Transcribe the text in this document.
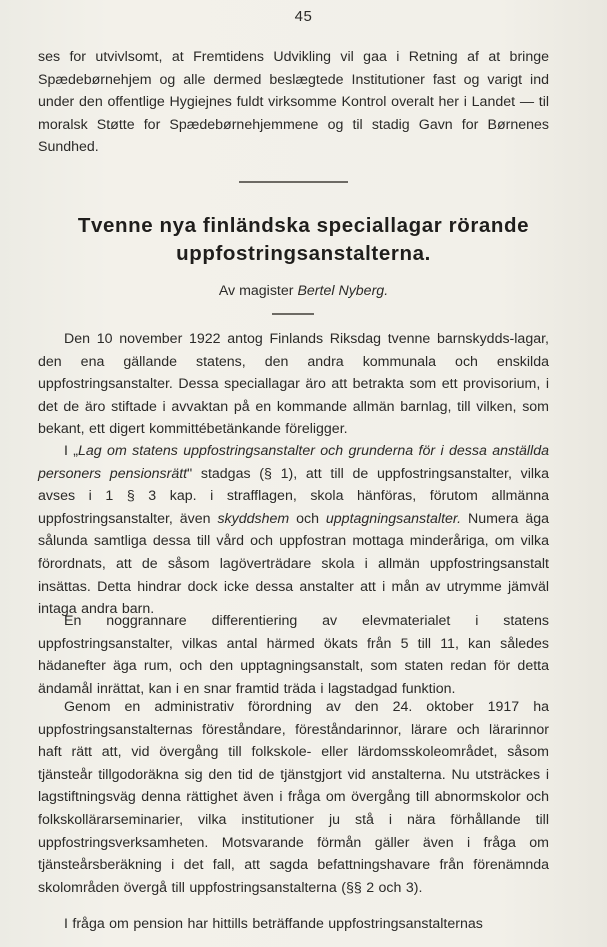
45
ses for utvivlsomt, at Fremtidens Udvikling vil gaa i Retning af at bringe Spædebørnehjem og alle dermed beslægtede Institutioner fast og varigt ind under den offentlige Hygiejnes fuldt virksomme Kontrol overalt her i Landet — til moralsk Støtte for Spædebørnehjemmene og til stadig Gavn for Børnenes Sundhed.
Tvenne nya finländska speciallagar rörande
uppfostringsanstalterna.
Av magister Bertel Nyberg.
Den 10 november 1922 antog Finlands Riksdag tvenne barnskydds-lagar, den ena gällande statens, den andra kommunala och enskilda uppfostringsanstalter. Dessa speciallagar äro att betrakta som ett provisorium, i det de äro stiftade i avvaktan på en kommande allmän barnlag, till vilken, som bekant, ett digert kommittébetänkande föreligger.
I „Lag om statens uppfostringsanstalter och grunderna för i dessa anställda personers pensionsrätt" stadgas (§ 1), att till de uppfostringsanstalter, vilka avses i 1 § 3 kap. i strafflagen, skola hänföras, förutom allmänna uppfostringsanstalter, även skyddshem och upptagningsanstalter. Numera äga sålunda samtliga dessa till vård och uppfostran mottaga minderåriga, om vilka förordnats, att de såsom lagöverträdare skola i allmän uppfostringsanstalt insättas. Detta hindrar dock icke dessa anstalter att i mån av utrymme jämväl intaga andra barn.
En noggrannare differentiering av elevmaterialet i statens uppfostringsanstalter, vilkas antal härmed ökats från 5 till 11, kan således hädanefter äga rum, och den upptagningsanstalt, som staten redan för detta ändamål inrättat, kan i en snar framtid träda i lagstadgad funktion.
Genom en administrativ förordning av den 24. oktober 1917 ha uppfostringsanstalternas föreståndare, föreståndarinnor, lärare och lärarinnor haft rätt att, vid övergång till folkskole- eller lärdomsskoleområdet, såsom tjänsteår tillgodoräkna sig den tid de tjänstgjort vid anstalterna. Nu utsträckes i lagstiftningsväg denna rättighet även i fråga om övergång till abnormskolor och folkskollärarseminarier, vilka institutioner ju stå i nära förhållande till uppfostringsverksamheten. Motsvarande förmån gäller även i fråga om tjänsteårsberäkning i det fall, att sagda befattningshavare från förenämnda skolområden övergå till uppfostringsanstalterna (§§ 2 och 3).
I fråga om pension har hittills beträffande uppfostringsanstalternas
